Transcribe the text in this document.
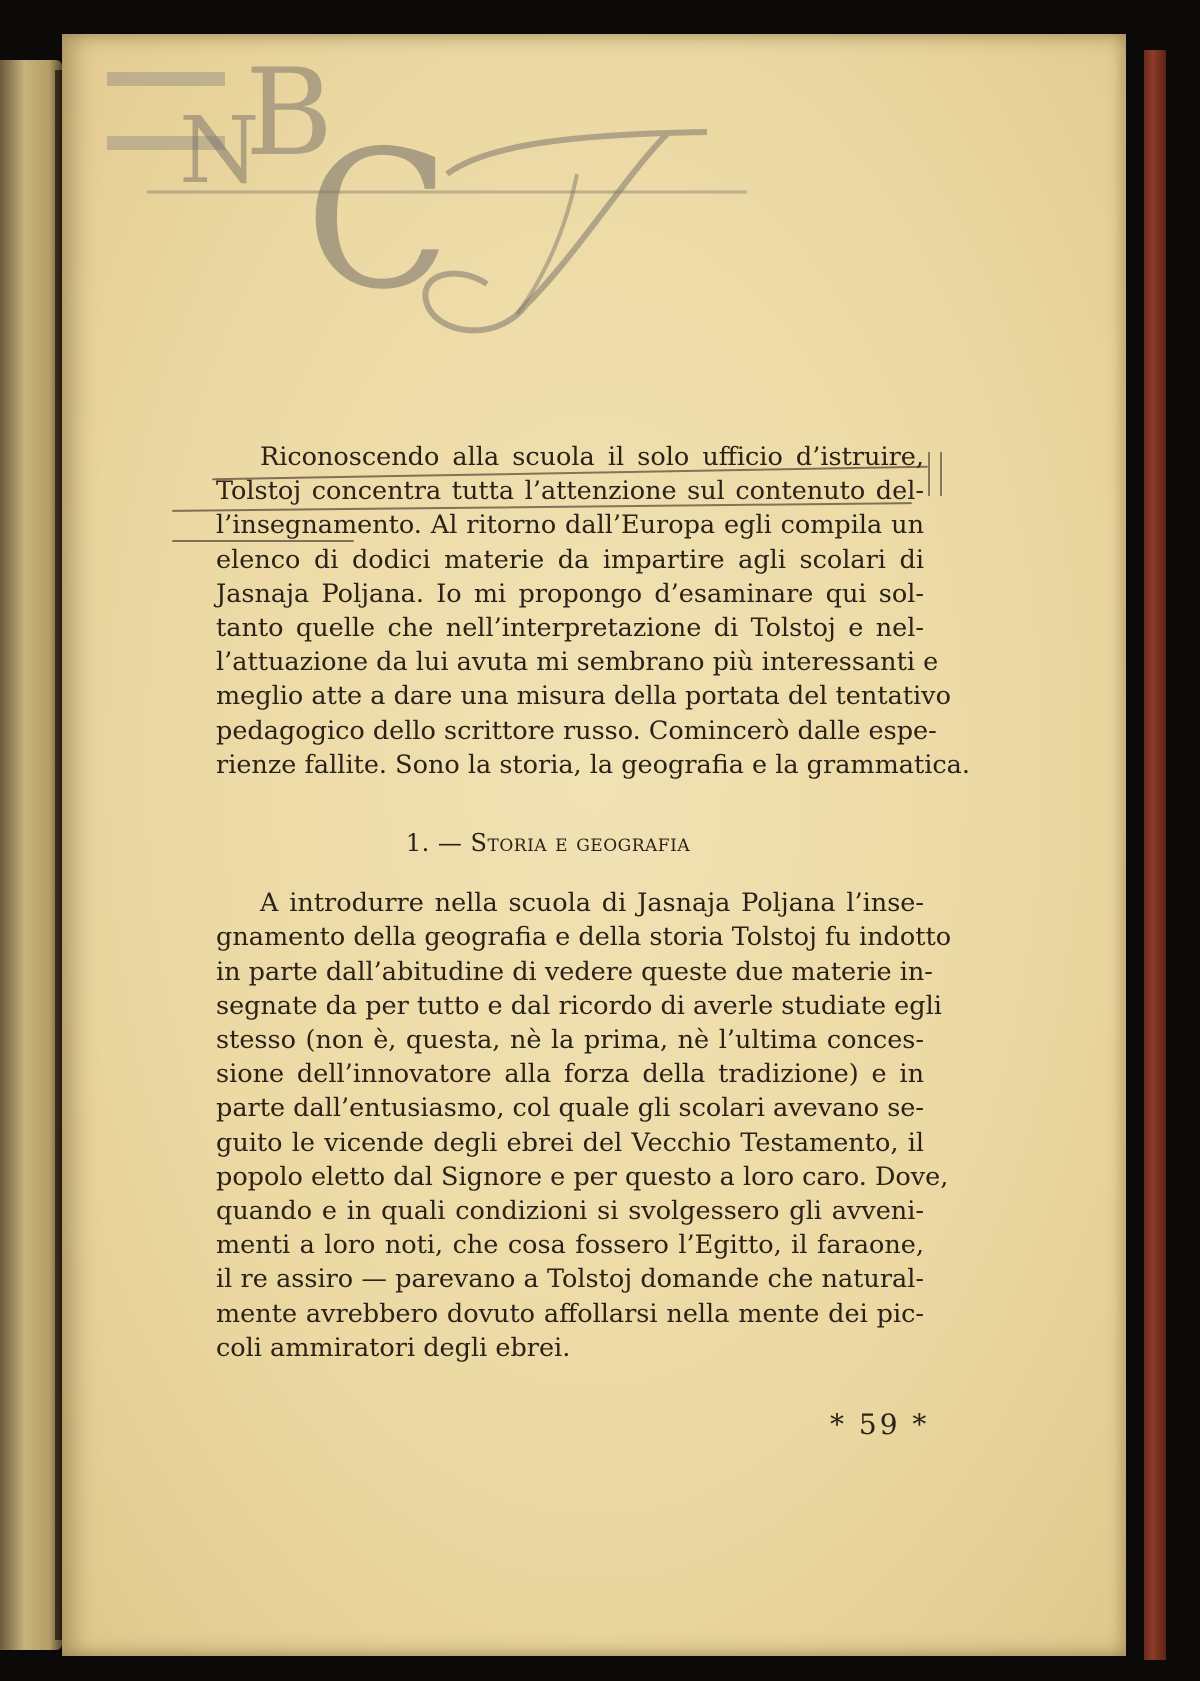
N
B
C
Riconoscendo alla scuola il solo ufficio d’istruire,
Tolstoj concentra tutta l’attenzione sul contenuto del-
l’insegnamento. Al ritorno dall’Europa egli compila un
elenco di dodici materie da impartire agli scolari di
Jasnaja Poljana. Io mi propongo d’esaminare qui sol-
tanto quelle che nell’interpretazione di Tolstoj e nel-
l’attuazione da lui avuta mi sembrano più interessanti e
meglio atte a dare una misura della portata del tentativo
pedagogico dello scrittore russo. Comincerò dalle espe-
rienze fallite. Sono la storia, la geografia e la grammatica.
1. — Storia e geografia
A introdurre nella scuola di Jasnaja Poljana l’inse-
gnamento della geografia e della storia Tolstoj fu indotto
in parte dall’abitudine di vedere queste due materie in-
segnate da per tutto e dal ricordo di averle studiate egli
stesso (non è, questa, nè la prima, nè l’ultima conces-
sione dell’innovatore alla forza della tradizione) e in
parte dall’entusiasmo, col quale gli scolari avevano se-
guito le vicende degli ebrei del Vecchio Testamento, il
popolo eletto dal Signore e per questo a loro caro. Dove,
quando e in quali condizioni si svolgessero gli avveni-
menti a loro noti, che cosa fossero l’Egitto, il faraone,
il re assiro — parevano a Tolstoj domande che natural-
mente avrebbero dovuto affollarsi nella mente dei pic-
coli ammiratori degli ebrei.
* 59 *
